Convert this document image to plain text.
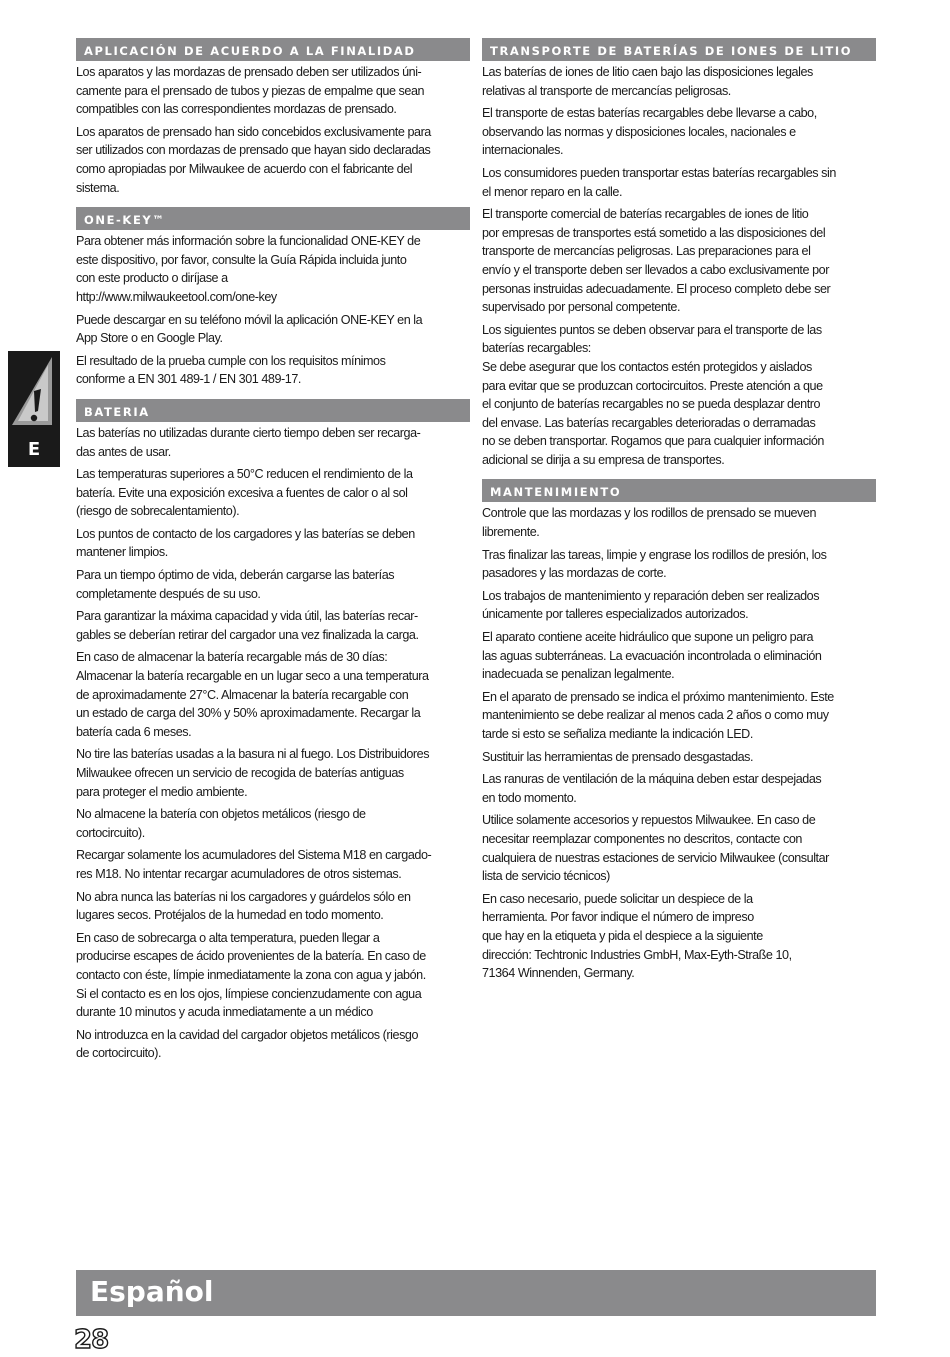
E
APLICACIÓN DE ACUERDO A LA FINALIDAD
Los aparatos y las mordazas de prensado deben ser utilizados úni-
camente para el prensado de tubos y piezas de empalme que sean
compatibles con las correspondientes mordazas de prensado.
Los aparatos de prensado han sido concebidos exclusivamente para
ser utilizados con mordazas de prensado que hayan sido declaradas
como apropiadas por Milwaukee de acuerdo con el fabricante del
sistema.
ONE-KEY™
Para obtener más información sobre la funcionalidad ONE-KEY de
este dispositivo, por favor, consulte la Guía Rápida incluida junto
con este producto o diríjase a
http://www.milwaukeetool.com/one-key
Puede descargar en su teléfono móvil la aplicación ONE-KEY en la
App Store o en Google Play.
El resultado de la prueba cumple con los requisitos mínimos
conforme a EN 301 489-1 / EN 301 489-17.
BATERIA
Las baterías no utilizadas durante cierto tiempo deben ser recarga-
das antes de usar.
Las temperaturas superiores a 50°C reducen el rendimiento de la
batería. Evite una exposición excesiva a fuentes de calor o al sol
(riesgo de sobrecalentamiento).
Los puntos de contacto de los cargadores y las baterías se deben
mantener limpios.
Para un tiempo óptimo de vida, deberán cargarse las baterías
completamente después de su uso.
Para garantizar la máxima capacidad y vida útil, las baterías recar-
gables se deberían retirar del cargador una vez finalizada la carga.
En caso de almacenar la batería recargable más de 30 días:
Almacenar la batería recargable en un lugar seco a una temperatura
de aproximadamente 27°C. Almacenar la batería recargable con
un estado de carga del 30% y 50% aproximadamente. Recargar la
batería cada 6 meses.
No tire las baterías usadas a la basura ni al fuego. Los Distribuidores
Milwaukee ofrecen un servicio de recogida de baterías antiguas
para proteger el medio ambiente.
No almacene la batería con objetos metálicos (riesgo de
cortocircuito).
Recargar solamente los acumuladores del Sistema M18 en cargado-
res M18. No intentar recargar acumuladores de otros sistemas.
No abra nunca las baterías ni los cargadores y guárdelos sólo en
lugares secos. Protéjalos de la humedad en todo momento.
En caso de sobrecarga o alta temperatura, pueden llegar a
producirse escapes de ácido provenientes de la batería. En caso de
contacto con éste, límpie inmediatamente la zona con agua y jabón.
Si el contacto es en los ojos, límpiese concienzudamente con agua
durante 10 minutos y acuda inmediatamente a un médico
No introduzca en la cavidad del cargador objetos metálicos (riesgo
de cortocircuito).
TRANSPORTE DE BATERÍAS DE IONES DE LITIO
Las baterías de iones de litio caen bajo las disposiciones legales
relativas al transporte de mercancías peligrosas.
El transporte de estas baterías recargables debe llevarse a cabo,
observando las normas y disposiciones locales, nacionales e
internacionales.
Los consumidores pueden transportar estas baterías recargables sin
el menor reparo en la calle.
El transporte comercial de baterías recargables de iones de litio
por empresas de transportes está sometido a las disposiciones del
transporte de mercancías peligrosas. Las preparaciones para el
envío y el transporte deben ser llevados a cabo exclusivamente por
personas instruidas adecuadamente. El proceso completo debe ser
supervisado por personal competente.
Los siguientes puntos se deben observar para el transporte de las
baterías recargables:
Se debe asegurar que los contactos estén protegidos y aislados
para evitar que se produzcan cortocircuitos. Preste atención a que
el conjunto de baterías recargables no se pueda desplazar dentro
del envase. Las baterías recargables deterioradas o derramadas
no se deben transportar. Rogamos que para cualquier información
adicional se dirija a su empresa de transportes.
MANTENIMIENTO
Controle que las mordazas y los rodillos de prensado se mueven
libremente.
Tras finalizar las tareas, limpie y engrase los rodillos de presión, los
pasadores y las mordazas de corte.
Los trabajos de mantenimiento y reparación deben ser realizados
únicamente por talleres especializados autorizados.
El aparato contiene aceite hidráulico que supone un peligro para
las aguas subterráneas. La evacuación incontrolada o eliminación
inadecuada se penalizan legalmente.
En el aparato de prensado se indica el próximo mantenimiento. Este
mantenimiento se debe realizar al menos cada 2 años o como muy
tarde si esto se señaliza mediante la indicación LED.
Sustituir las herramientas de prensado desgastadas.
Las ranuras de ventilación de la máquina deben estar despejadas
en todo momento.
Utilice solamente accesorios y repuestos Milwaukee. En caso de
necesitar reemplazar componentes no descritos, contacte con
cualquiera de nuestras estaciones de servicio Milwaukee (consultar
lista de servicio técnicos)
En caso necesario, puede solicitar un despiece de la
herramienta. Por favor indique el número de impreso
que hay en la etiqueta y pida el despiece a la siguiente
dirección: Techtronic Industries GmbH, Max-Eyth-Straße 10,
71364 Winnenden, Germany.
Español
28
